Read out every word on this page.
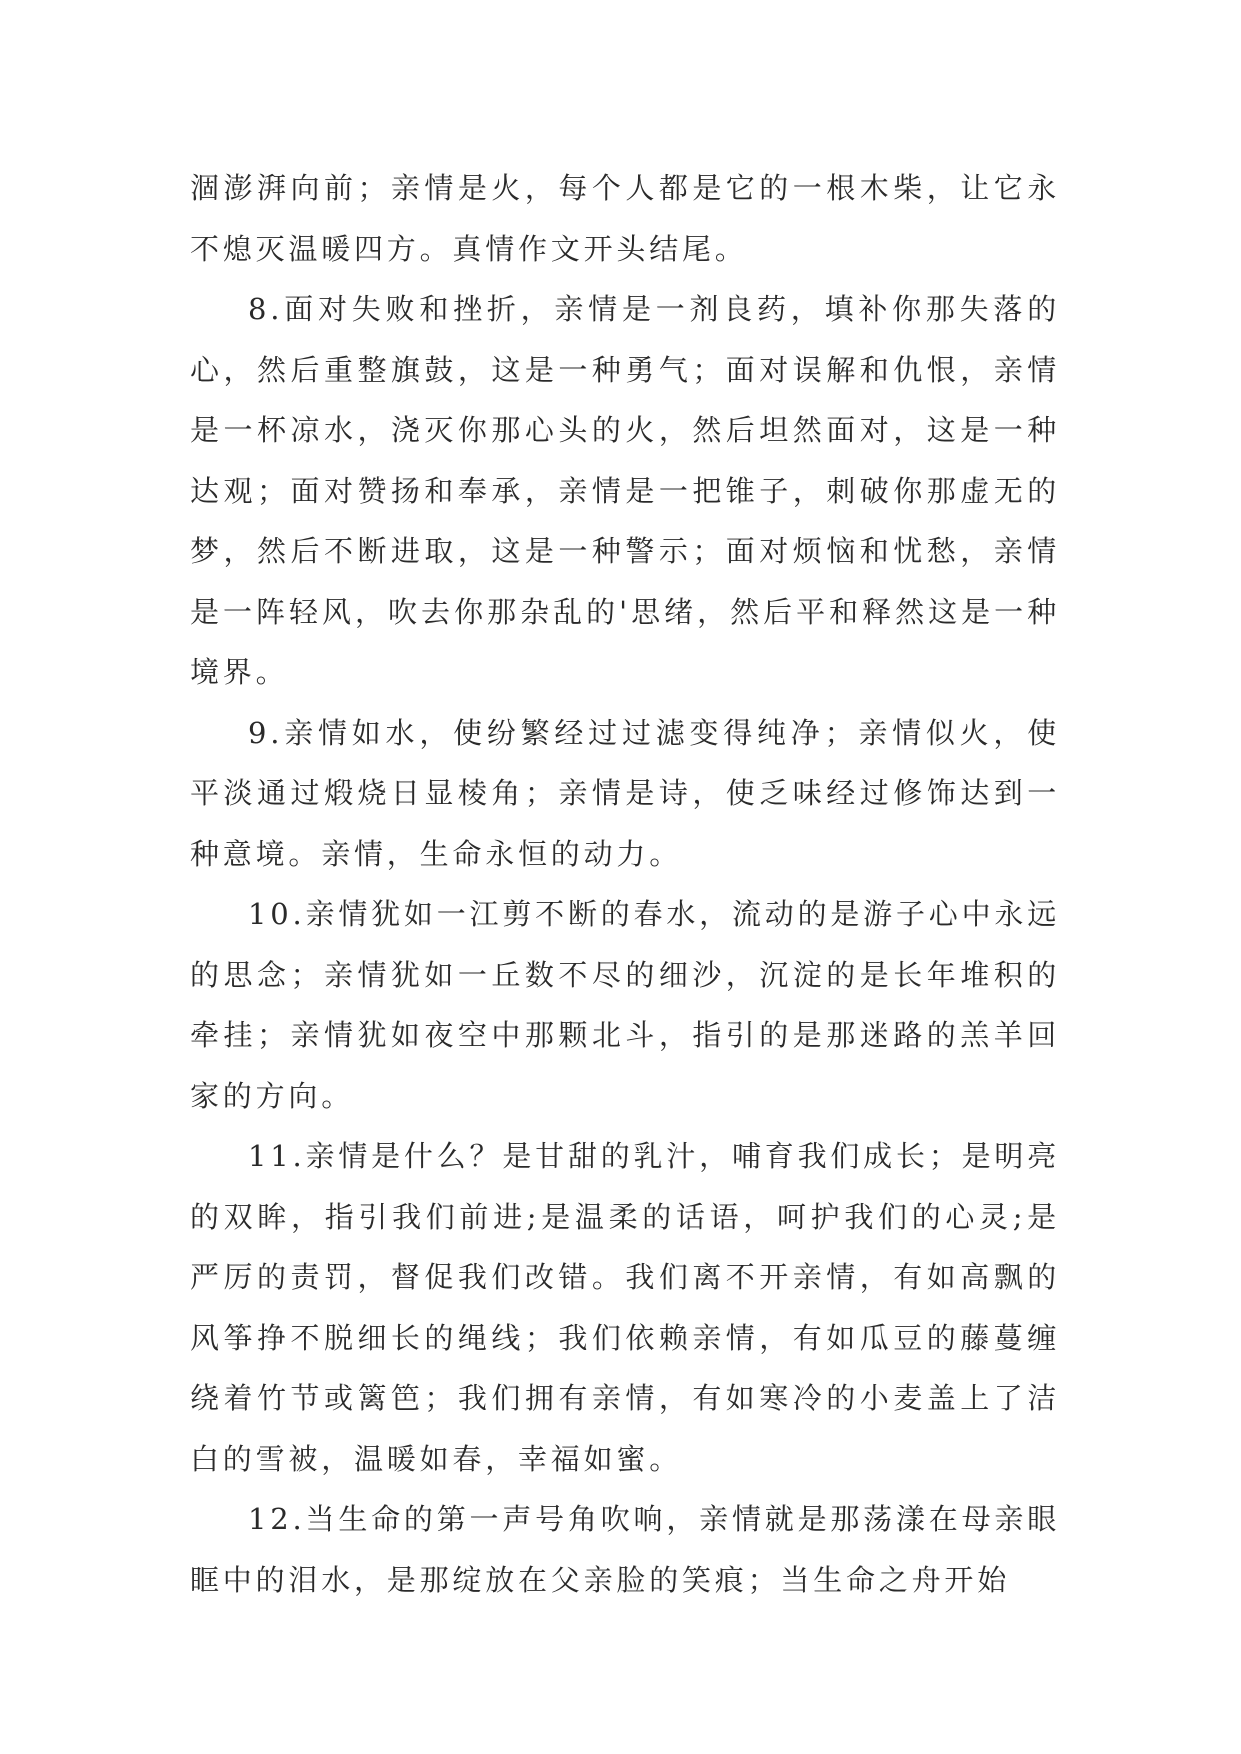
涸澎湃向前；亲情是火，每个人都是它的一根木柴，让它永不熄灭温暖四方。真情作文开头结尾。

8.面对失败和挫折，亲情是一剂良药，填补你那失落的心，然后重整旗鼓，这是一种勇气；面对误解和仇恨，亲情是一杯凉水，浇灭你那心头的火，然后坦然面对，这是一种达观；面对赞扬和奉承，亲情是一把锥子，刺破你那虚无的梦，然后不断进取，这是一种警示；面对烦恼和忧愁，亲情是一阵轻风，吹去你那杂乱的'思绪，然后平和释然这是一种境界。

9.亲情如水，使纷繁经过过滤变得纯净；亲情似火，使平淡通过煅烧日显棱角；亲情是诗，使乏味经过修饰达到一种意境。亲情，生命永恒的动力。

10.亲情犹如一江剪不断的春水，流动的是游子心中永远的思念；亲情犹如一丘数不尽的细沙，沉淀的是长年堆积的牵挂；亲情犹如夜空中那颗北斗，指引的是那迷路的羔羊回家的方向。

11.亲情是什么？是甘甜的乳汁，哺育我们成长；是明亮的双眸，指引我们前进;是温柔的话语，呵护我们的心灵;是严厉的责罚，督促我们改错。我们离不开亲情，有如高飘的风筝挣不脱细长的绳线；我们依赖亲情，有如瓜豆的藤蔓缠绕着竹节或篱笆；我们拥有亲情，有如寒冷的小麦盖上了洁白的雪被，温暖如春，幸福如蜜。

12.当生命的第一声号角吹响，亲情就是那荡漾在母亲眼眶中的泪水，是那绽放在父亲脸的笑痕；当生命之舟开始
